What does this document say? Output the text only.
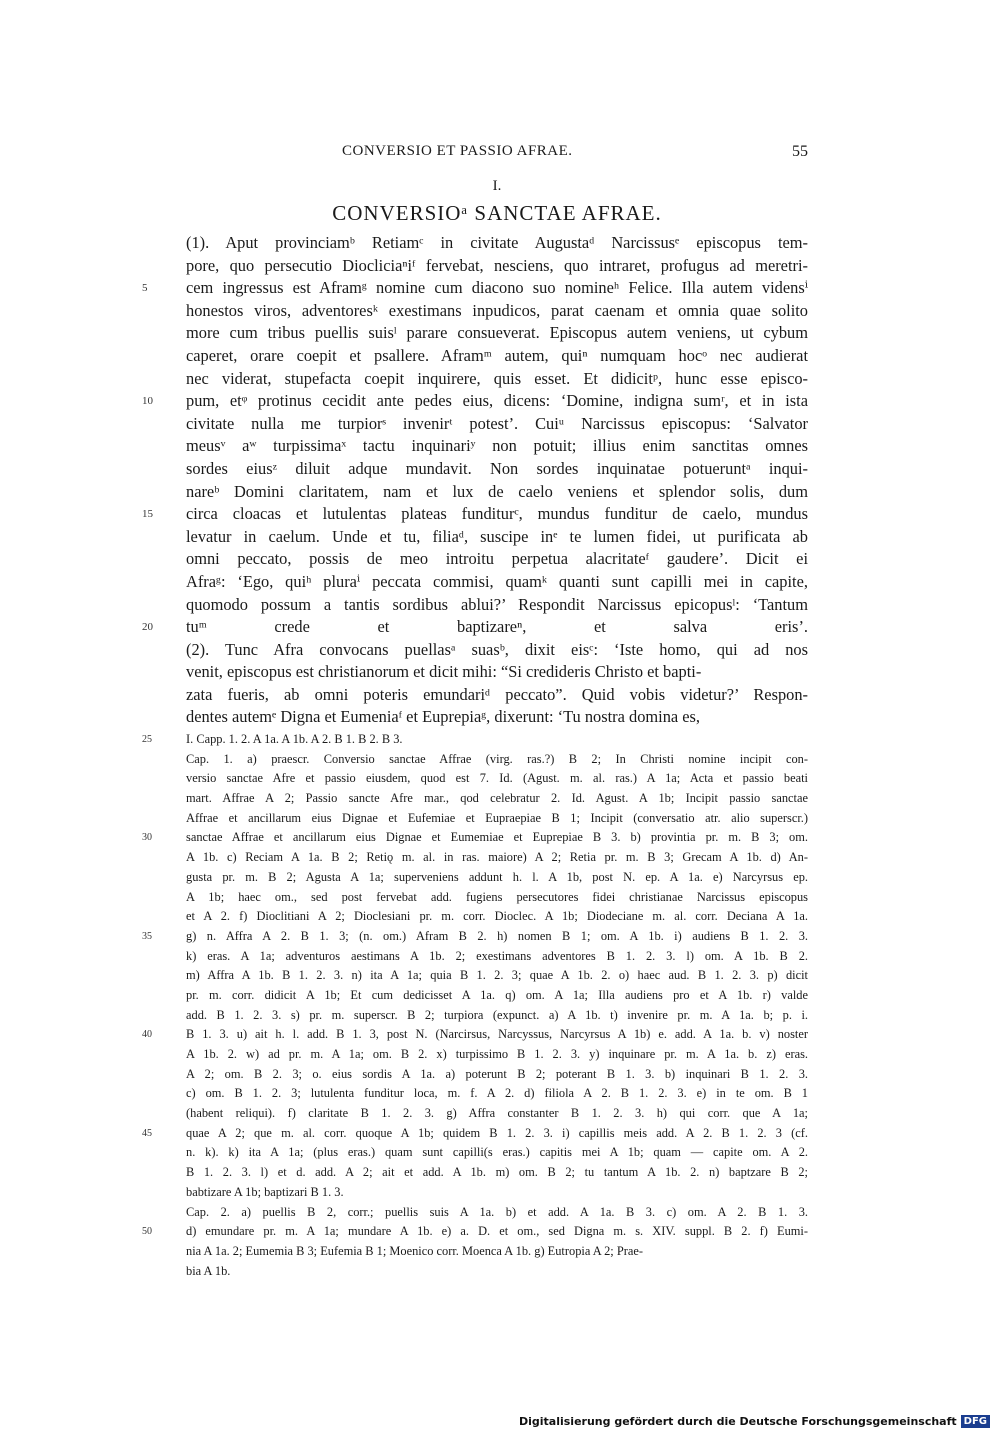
CONVERSIO ET PASSIO AFRAE.	55
I.
CONVERSIOᵃ SANCTAE AFRAE.
(1). Aput provinciamᵇ Retiamᶜ in civitate Augustaᵈ Narcissusᵉ episcopus tem-
pore, quo persecutio Diocliciaⁿiᶠ fervebat, nesciens, quo intraret, profugus ad meretri-
5	cem ingressus est Aframᵍ nomine cum diacono suo nomineʰ Felice. Illa autem vidensⁱ
honestos viros, adventoresᵏ exestimans inpudicos, parat caenam et omnia quae solito
more cum tribus puellis suisˡ parare consueverat. Episcopus autem veniens, ut cybum
caperet, orare coepit et psallere. Aframᵐ autem, quiⁿ numquam hocᵒ nec audierat
nec viderat, stupefacta coepit inquirere, quis esset. Et didicitᵖ, hunc esse episco-
10	pum, etᵠ protinus cecidit ante pedes eius, dicens: ‘Domine, indigna sumʳ, et in ista
civitate nulla me turpiorˢ invenirᵗ potest’. Cuiᵘ Narcissus episcopus: ‘Salvator
meusᵛ aʷ turpissimaˣ tactu inquinariʸ non potuit; illius enim sanctitas omnes
sordes eiusᶻ diluit adque mundavit. Non sordes inquinatae potueruntᵃ inqui-
nareᵇ Domini claritatem, nam et lux de caelo veniens et splendor solis, dum
15	circa cloacas et lutulentas plateas funditurᶜ, mundus funditur de caelo, mundus
levatur in caelum. Unde et tu, filiaᵈ, suscipe inᵉ te lumen fidei, ut purificata ab
omni peccato, possis de meo introitu perpetua alacritateᶠ gaudere’. Dicit ei
Afraᵍ: ‘Ego, quiʰ pluraⁱ peccata commisi, quamᵏ quanti sunt capilli mei in capite,
quomodo possum a tantis sordibus ablui?’ Respondit Narcissus epicopusˡ: ‘Tantum
20	tuᵐ crede et baptizareⁿ, et salva eris’.
(2). Tunc Afra convocans puellasᵃ suasᵇ, dixit eisᶜ: ‘Iste homo, qui ad nos
venit, episcopus est christianorum et dicit mihi: “Si credideris Christo et bapti-
zata fueris, ab omni poteris emundariᵈ peccato”. Quid vobis videtur?’ Respon-
dentes autemᵉ Digna et Eumeniaᶠ et Euprepiaᵍ, dixerunt: ‘Tu nostra domina es,
25	I. Capp. 1. 2. A 1a. A 1b. A 2. B 1. B 2. B 3.
Cap. 1. a) praescr. Conversio sanctae Affrae (virg. ras.?) B 2; In Christi nomine incipit con-
versio sanctae Afre et passio eiusdem, quod est 7. Id. (Agust. m. al. ras.) A 1a; Acta et passio beati
mart. Affrae A 2; Passio sancte Afre mar., qod celebratur 2. Id. Agust. A 1b; Incipit passio sanctae
Affrae et ancillarum eius Dignae et Eufemiae et Eupraepiae B 1; Incipit (conversatio atr. alio superscr.)
30	sanctae Affrae et ancillarum eius Dignae et Eumemiae et Euprepiae B 3. b) provintia pr. m. B 3; om.
A 1b. c) Reciam A 1a. B 2; Retiǫ m. al. in ras. maiore) A 2; Retia pr. m. B 3; Grecam A 1b. d) An-
gusta pr. m. B 2; Agusta A 1a; superveniens addunt h. l. A 1b, post N. ep. A 1a. e) Narcyrsus ep.
A 1b; haec om., sed post fervebat add. fugiens persecutores fidei christianae Narcissus episcopus
et A 2. f) Dioclitiani A 2; Dioclesiani pr. m. corr. Dioclec. A 1b; Diodeciane m. al. corr. Deciana A 1a.
35	g) n. Affra A 2. B 1. 3; (n. om.) Afram B 2. h) nomen B 1; om. A 1b. i) audiens B 1. 2. 3.
k) eras. A 1a; adventuros aestimans A 1b. 2; exestimans adventores B 1. 2. 3. l) om. A 1b. B 2.
m) Affra A 1b. B 1. 2. 3. n) ita A 1a; quia B 1. 2. 3; quae A 1b. 2. o) haec aud. B 1. 2. 3. p) dicit
pr. m. corr. didicit A 1b; Et cum dedicisset A 1a. q) om. A 1a; Illa audiens pro et A 1b. r) valde
add. B 1. 2. 3. s) pr. m. superscr. B 2; turpiora (expunct. a) A 1b. t) invenire pr. m. A 1a. b; p. i.
40	B 1. 3. u) ait h. l. add. B 1. 3, post N. (Narcirsus, Narcyssus, Narcyrsus A 1b) e. add. A 1a. b. v) noster
A 1b. 2. w) ad pr. m. A 1a; om. B 2. x) turpissimo B 1. 2. 3. y) inquinare pr. m. A 1a. b. z) eras.
A 2; om. B 2. 3; o. eius sordis A 1a. a) poterunt B 2; poterant B 1. 3. b) inquinari B 1. 2. 3.
c) om. B 1. 2. 3; lutulenta funditur loca, m. f. A 2. d) filiola A 2. B 1. 2. 3. e) in te om. B 1
(habent reliqui). f) claritate B 1. 2. 3. g) Affra constanter B 1. 2. 3. h) qui corr. que A 1a;
45	quae A 2; que m. al. corr. quoque A 1b; quidem B 1. 2. 3. i) capillis meis add. A 2. B 1. 2. 3 (cf.
n. k). k) ita A 1a; (plus eras.) quam sunt capilli(s eras.) capitis mei A 1b; quam — capite om. A 2.
B 1. 2. 3. l) et d. add. A 2; ait et add. A 1b. m) om. B 2; tu tantum A 1b. 2. n) baptzare B 2;
babtizare A 1b; baptizari B 1. 3.
Cap. 2. a) puellis B 2, corr.; puellis suis A 1a. b) et add. A 1a. B 3. c) om. A 2. B 1. 3.
50	d) emundare pr. m. A 1a; mundare A 1b. e) a. D. et om., sed Digna m. s. XIV. suppl. B 2. f) Eumi-
nia A 1a. 2; Eumemia B 3; Eufemia B 1; Moenico corr. Moenca A 1b. g) Eutropia A 2; Prae-
bia A 1b.
Digitalisierung gefördert durch die Deutsche Forschungsgemeinschaft DFG
